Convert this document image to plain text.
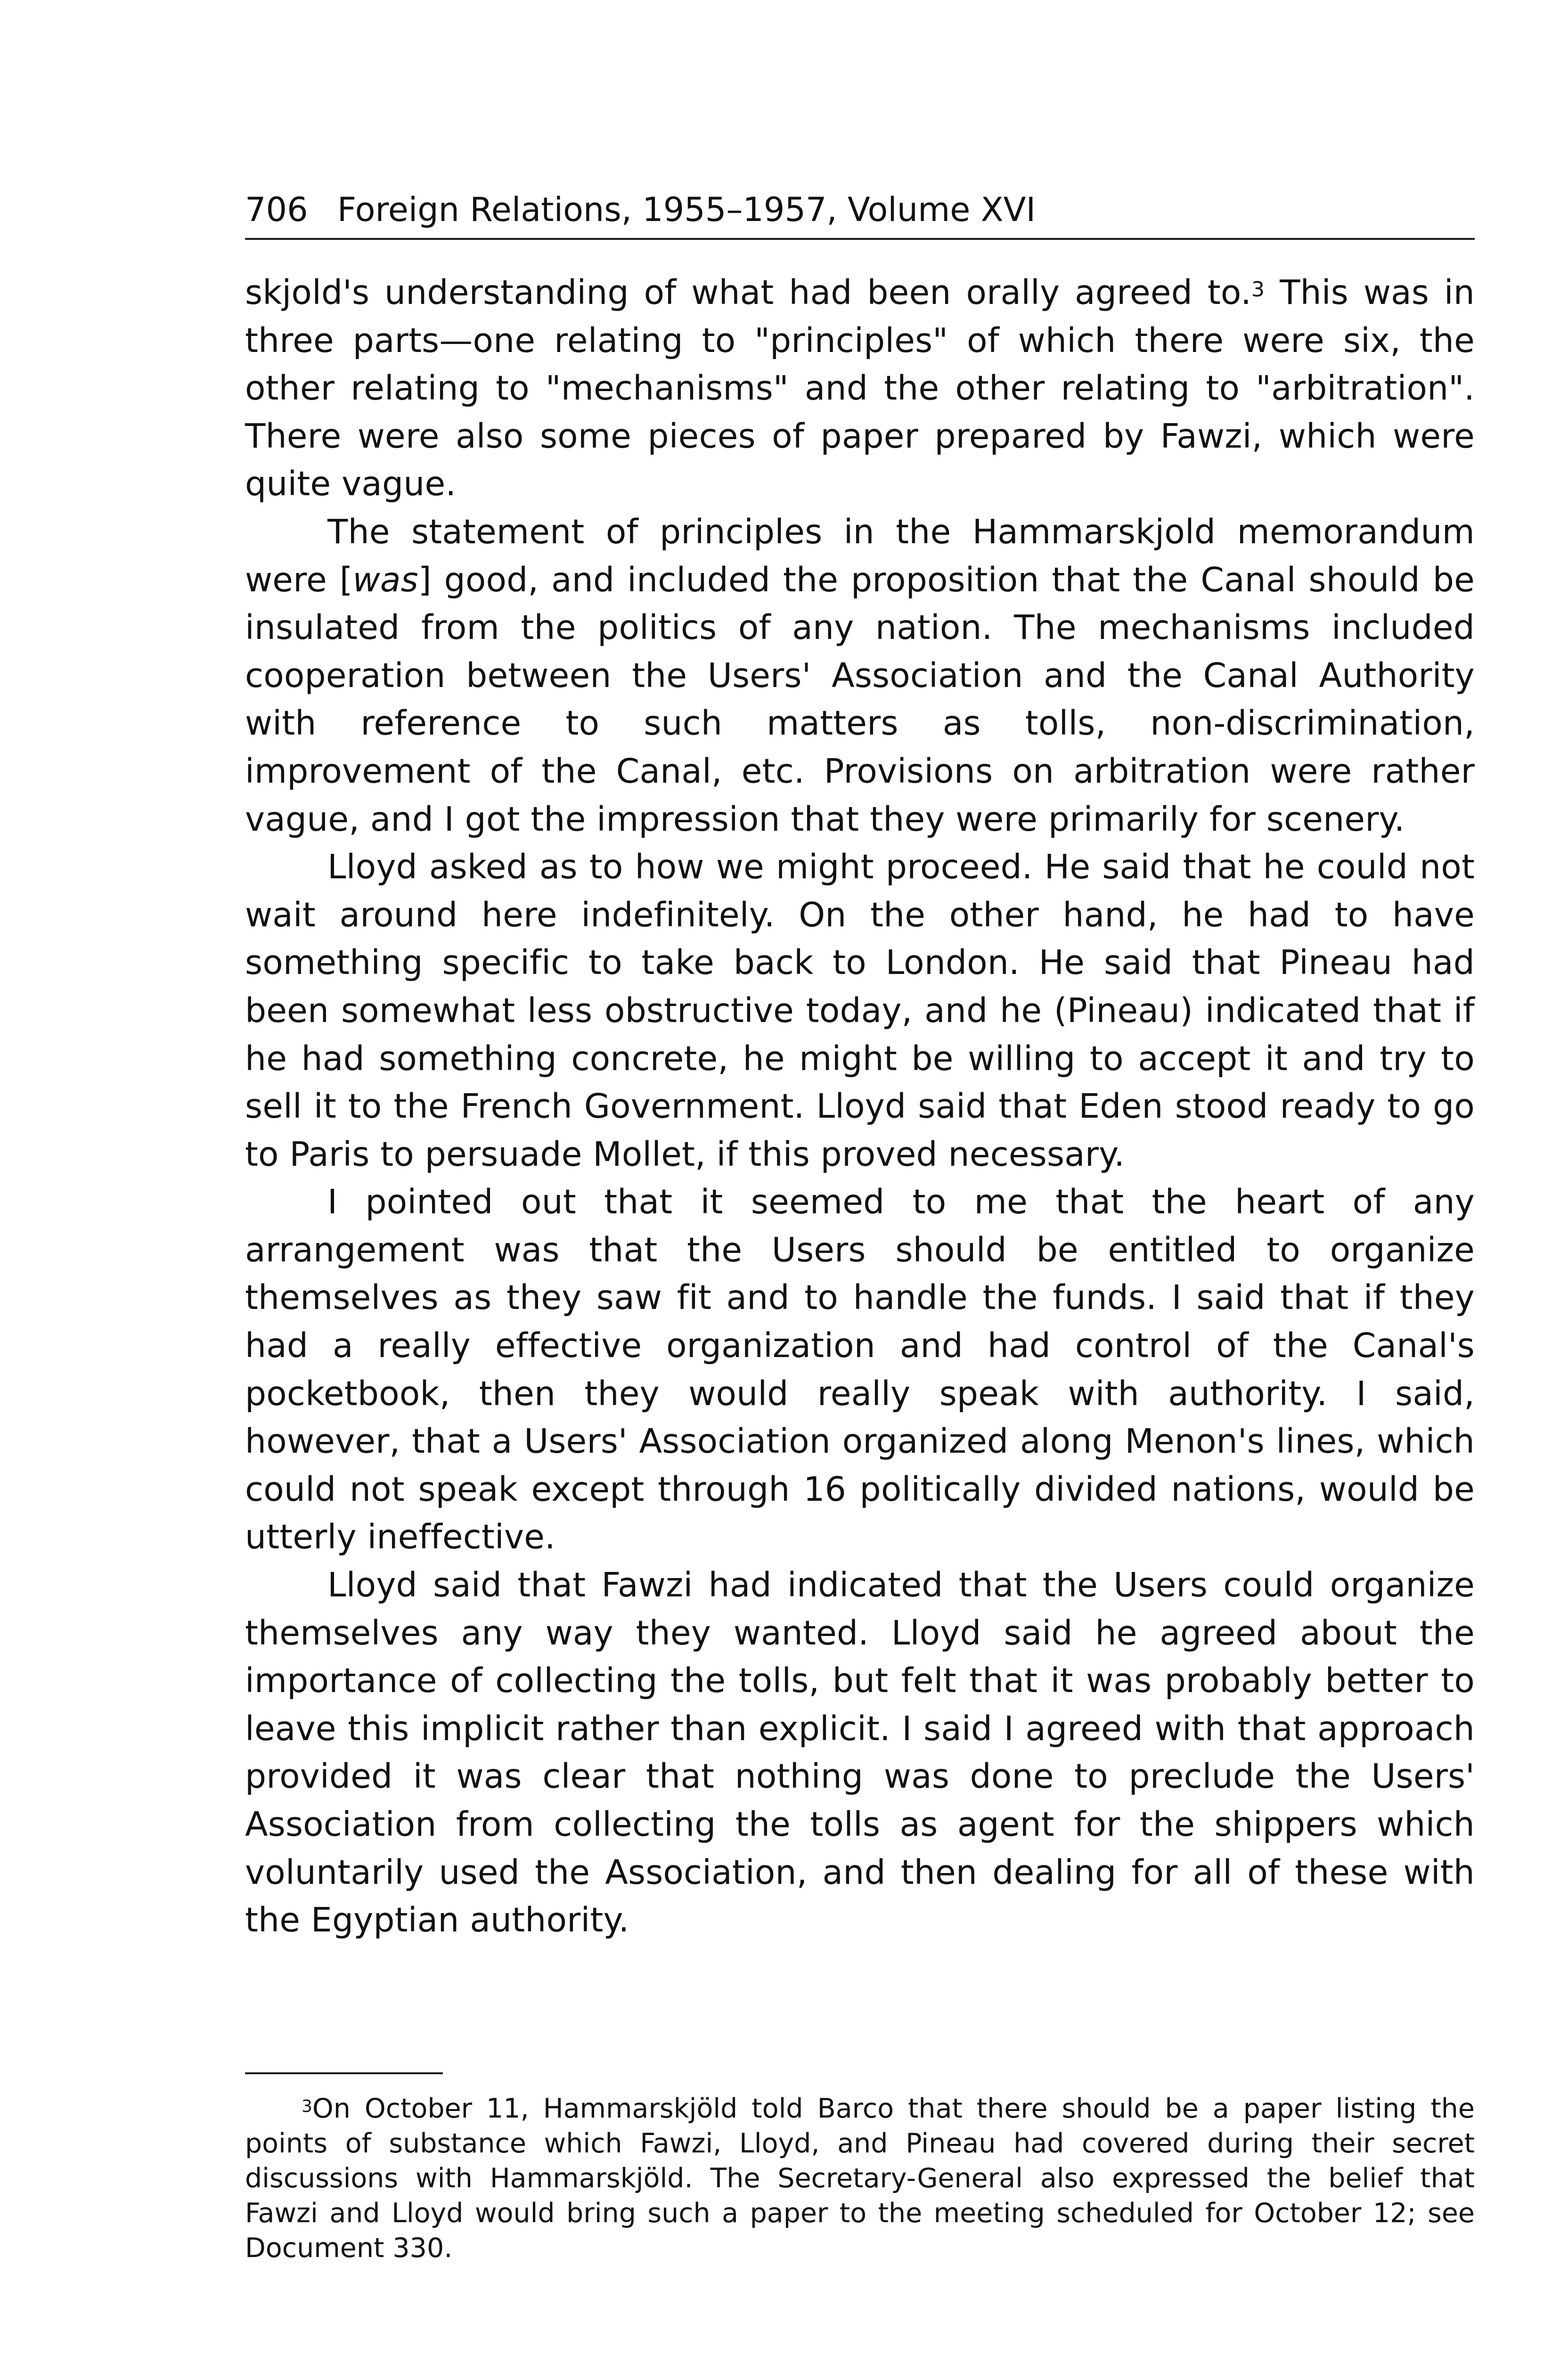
706 Foreign Relations, 1955–1957, Volume XVI

skjold's understanding of what had been orally agreed to.$^3$ This was in three parts—one relating to "principles" of which there were six, the other relating to "mechanisms" and the other relating to "arbitration". There were also some pieces of paper prepared by Fawzi, which were quite vague.

The statement of principles in the Hammarskjold memorandum were [was] good, and included the proposition that the Canal should be insulated from the politics of any nation. The mechanisms included cooperation between the Users' Association and the Canal Authority with reference to such matters as tolls, non-discrimination, improvement of the Canal, etc. Provisions on arbitration were rather vague, and I got the impression that they were primarily for scenery.

Lloyd asked as to how we might proceed. He said that he could not wait around here indefinitely. On the other hand, he had to have something specific to take back to London. He said that Pineau had been somewhat less obstructive today, and he (Pineau) indicated that if he had something concrete, he might be willing to accept it and try to sell it to the French Government. Lloyd said that Eden stood ready to go to Paris to persuade Mollet, if this proved necessary.

I pointed out that it seemed to me that the heart of any arrangement was that the Users should be entitled to organize themselves as they saw fit and to handle the funds. I said that if they had a really effective organization and had control of the Canal's pocketbook, then they would really speak with authority. I said, however, that a Users' Association organized along Menon's lines, which could not speak except through 16 politically divided nations, would be utterly ineffective.

Lloyd said that Fawzi had indicated that the Users could organize themselves any way they wanted. Lloyd said he agreed about the importance of collecting the tolls, but felt that it was probably better to leave this implicit rather than explicit. I said I agreed with that approach provided it was clear that nothing was done to preclude the Users' Association from collecting the tolls as agent for the shippers which voluntarily used the Association, and then dealing for all of these with the Egyptian authority.

$^3$On October 11, Hammarskjöld told Barco that there should be a paper listing the points of substance which Fawzi, Lloyd, and Pineau had covered during their secret discussions with Hammarskjöld. The Secretary-General also expressed the belief that Fawzi and Lloyd would bring such a paper to the meeting scheduled for October 12; see Document 330.
